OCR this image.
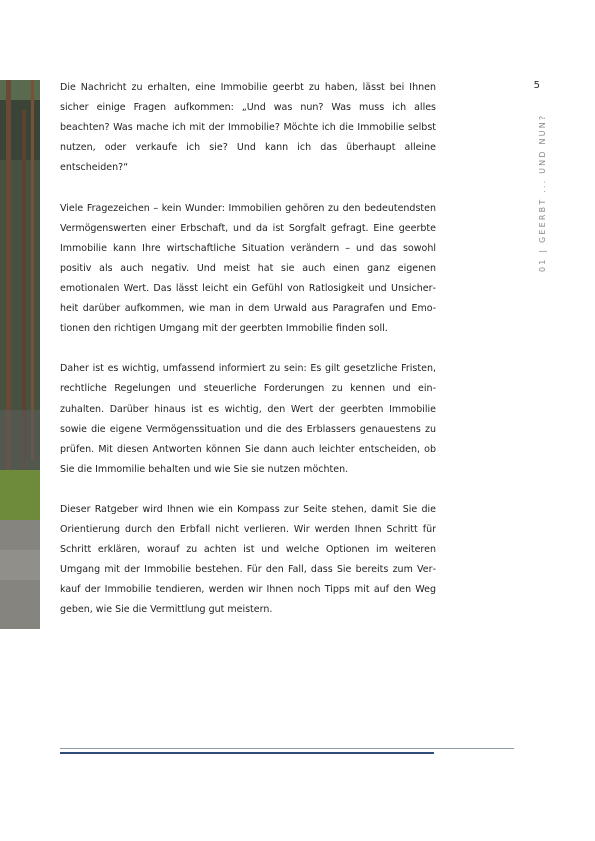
5
01 | GEERBT ... UND NUN?

Die Nachricht zu erhalten, eine Immobilie geerbt zu haben, lässt bei Ihnen sicher einige Fragen aufkommen: „Und was nun? Was muss ich alles beachten? Was mache ich mit der Immobilie? Möchte ich die Immobilie selbst nutzen, oder verkaufe ich sie? Und kann ich das überhaupt alleine entscheiden?“

Viele Fragezeichen – kein Wunder: Immobilien gehören zu den bedeutendsten Vermögenswerten einer Erbschaft, und da ist Sorgfalt gefragt. Eine geerbte Immobilie kann Ihre wirtschaftliche Situation verändern – und das sowohl positiv als auch negativ. Und meist hat sie auch einen ganz eigenen emotionalen Wert. Das lässt leicht ein Gefühl von Ratlosigkeit und Unsicherheit darüber aufkommen, wie man in dem Urwald aus Paragrafen und Emotionen den richtigen Umgang mit der geerbten Immobilie finden soll.

Daher ist es wichtig, umfassend informiert zu sein: Es gilt gesetzliche Fristen, rechtliche Regelungen und steuerliche Forderungen zu kennen und einzuhalten. Darüber hinaus ist es wichtig, den Wert der geerbten Immobilie sowie die eigene Vermögenssituation und die des Erblassers genauestens zu prüfen. Mit diesen Antworten können Sie dann auch leichter entscheiden, ob Sie die Immomilie behalten und wie Sie sie nutzen möchten.

Dieser Ratgeber wird Ihnen wie ein Kompass zur Seite stehen, damit Sie die Orientierung durch den Erbfall nicht verlieren. Wir werden Ihnen Schritt für Schritt erklären, worauf zu achten ist und welche Optionen im weiteren Umgang mit der Immobilie bestehen. Für den Fall, dass Sie bereits zum Verkauf der Immobilie tendieren, werden wir Ihnen noch Tipps mit auf den Weg geben, wie Sie die Vermittlung gut meistern.
